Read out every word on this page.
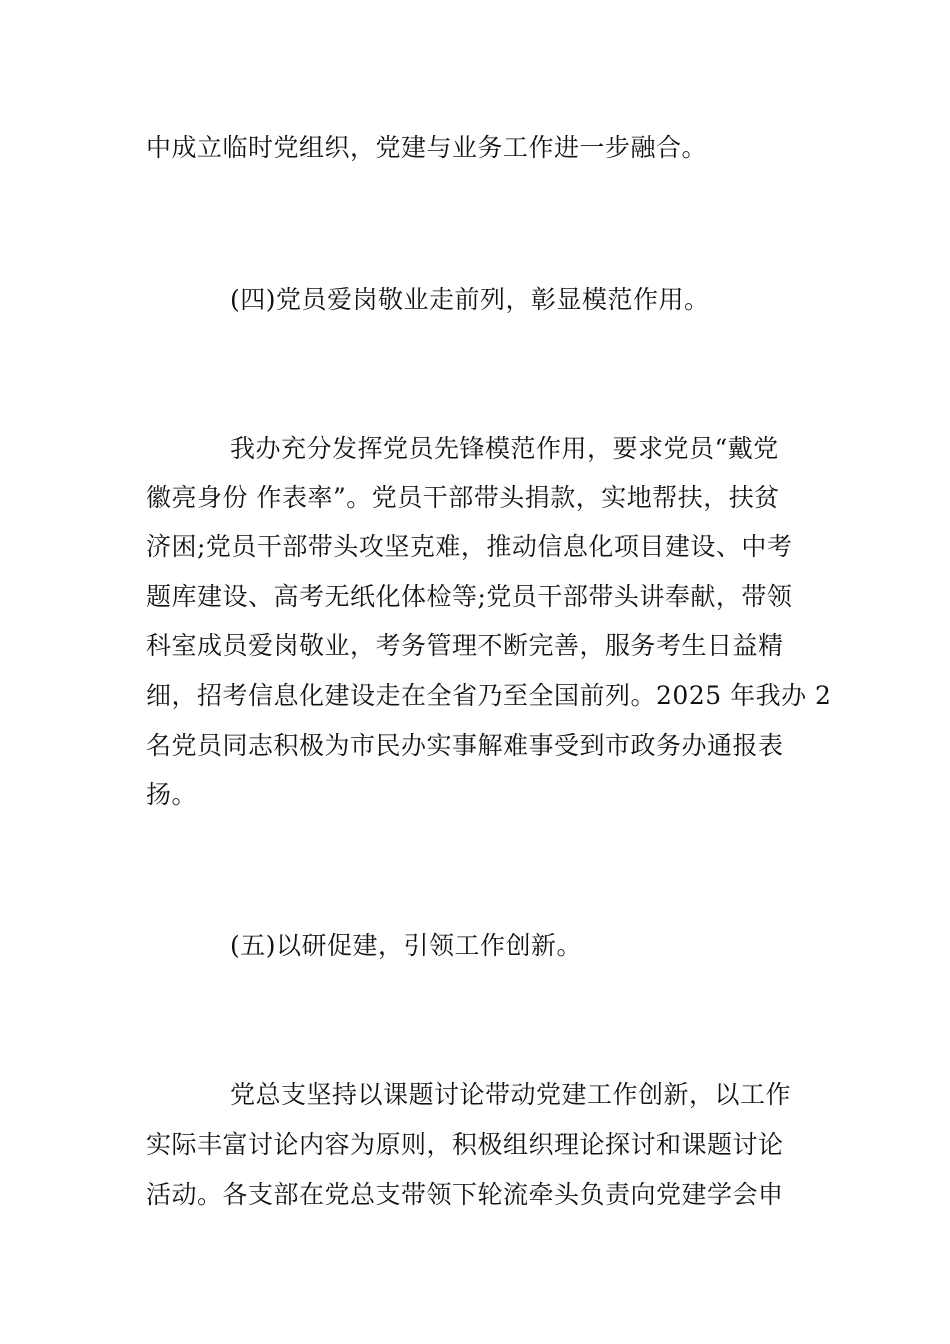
中成立临时党组织，党建与业务工作进一步融合。
(四)党员爱岗敬业走前列，彰显模范作用。
我办充分发挥党员先锋模范作用，要求党员“戴党
徽亮身份 作表率”。党员干部带头捐款，实地帮扶，扶贫
济困;党员干部带头攻坚克难，推动信息化项目建设、中考
题库建设、高考无纸化体检等;党员干部带头讲奉献，带领
科室成员爱岗敬业，考务管理不断完善，服务考生日益精
细，招考信息化建设走在全省乃至全国前列。2025 年我办 2
名党员同志积极为市民办实事解难事受到市政务办通报表
扬。
(五)以研促建，引领工作创新。
党总支坚持以课题讨论带动党建工作创新，以工作
实际丰富讨论内容为原则，积极组织理论探讨和课题讨论
活动。各支部在党总支带领下轮流牵头负责向党建学会申
